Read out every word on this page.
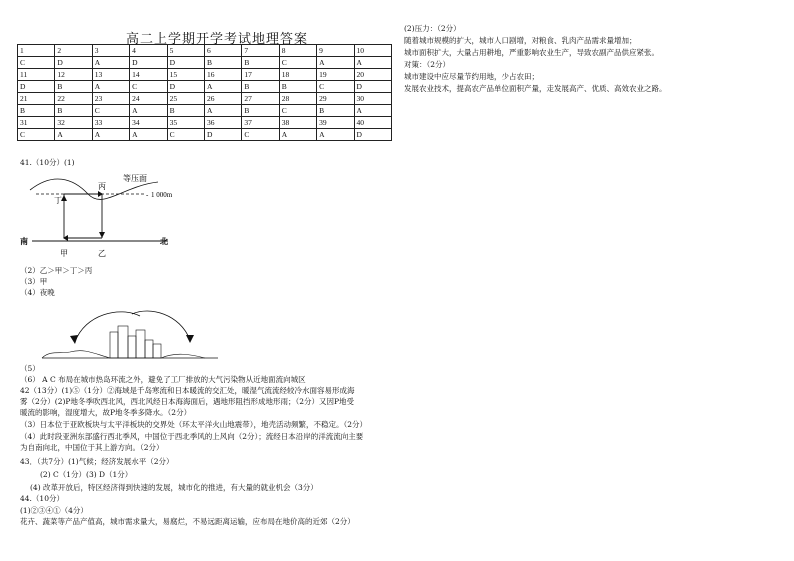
高二上学期开学考试地理答案
1	2	3	4	5	6	7	8	9	10
C	D	A	D	D	B	B	C	A	A
11	12	13	14	15	16	17	18	19	20
D	B	A	C	D	A	B	B	C	D
21	22	23	24	25	26	27	28	29	30
B	B	C	A	B	A	B	C	B	A
31	32	33	34	35	36	37	38	39	40
C	A	A	A	C	D	C	A	A	D
41.（10分）(1)
等压面
- 1 000m
丙
丁
南	北
甲	乙
（2）乙＞甲＞丁＞丙
（3）甲
（4）夜晚
（5）
（6） A C 布局在城市热岛环流之外，避免了工厂排放的大气污染物从近地面流向城区
42（13分）(1)⑤（1分）②海域是千岛寒流和日本暖流的交汇处，暖湿气流流经较冷水面容易形成海
雾（2分）(2)P地冬季吹西北风，西北风经日本海海面后，遇地形阻挡形成地形雨；（2分）又因P地受
暖流的影响，湿度增大，故P地冬季多降水。（2分）
（3）日本位于亚欧板块与太平洋板块的交界处（环太平洋火山地震带），地壳活动频繁，不稳定。（2分）
（4）此时段亚洲东部盛行西北季风，中国位于西北季风的上风向（2分）；流经日本沿岸的洋流流向主要
为自南向北，中国位于其上游方向。（2分）
43．（共7分）(1)气候；经济发展水平（2分）
(2) C（1分）(3) D（1分）
(4) 改革开放后，特区经济得到快速的发展，城市化的推进，有大量的就业机会（3分）
44.（10分）
(1)②③④①（4分）
花卉、蔬菜等产品产值高，城市需求量大，易腐烂，不易远距离运输，应布局在地价高的近郊（2分）
(2)压力：（2分）
随着城市规模的扩大，城市人口剧增，对粮食、乳肉产品需求量增加；
城市面积扩大，大量占用耕地，严重影响农业生产，导致农副产品供应紧张。
对策：（2分）
城市建设中应尽量节约用地，少占农田；
发展农业技术，提高农产品单位面积产量，走发展高产、优质、高效农业之路。
